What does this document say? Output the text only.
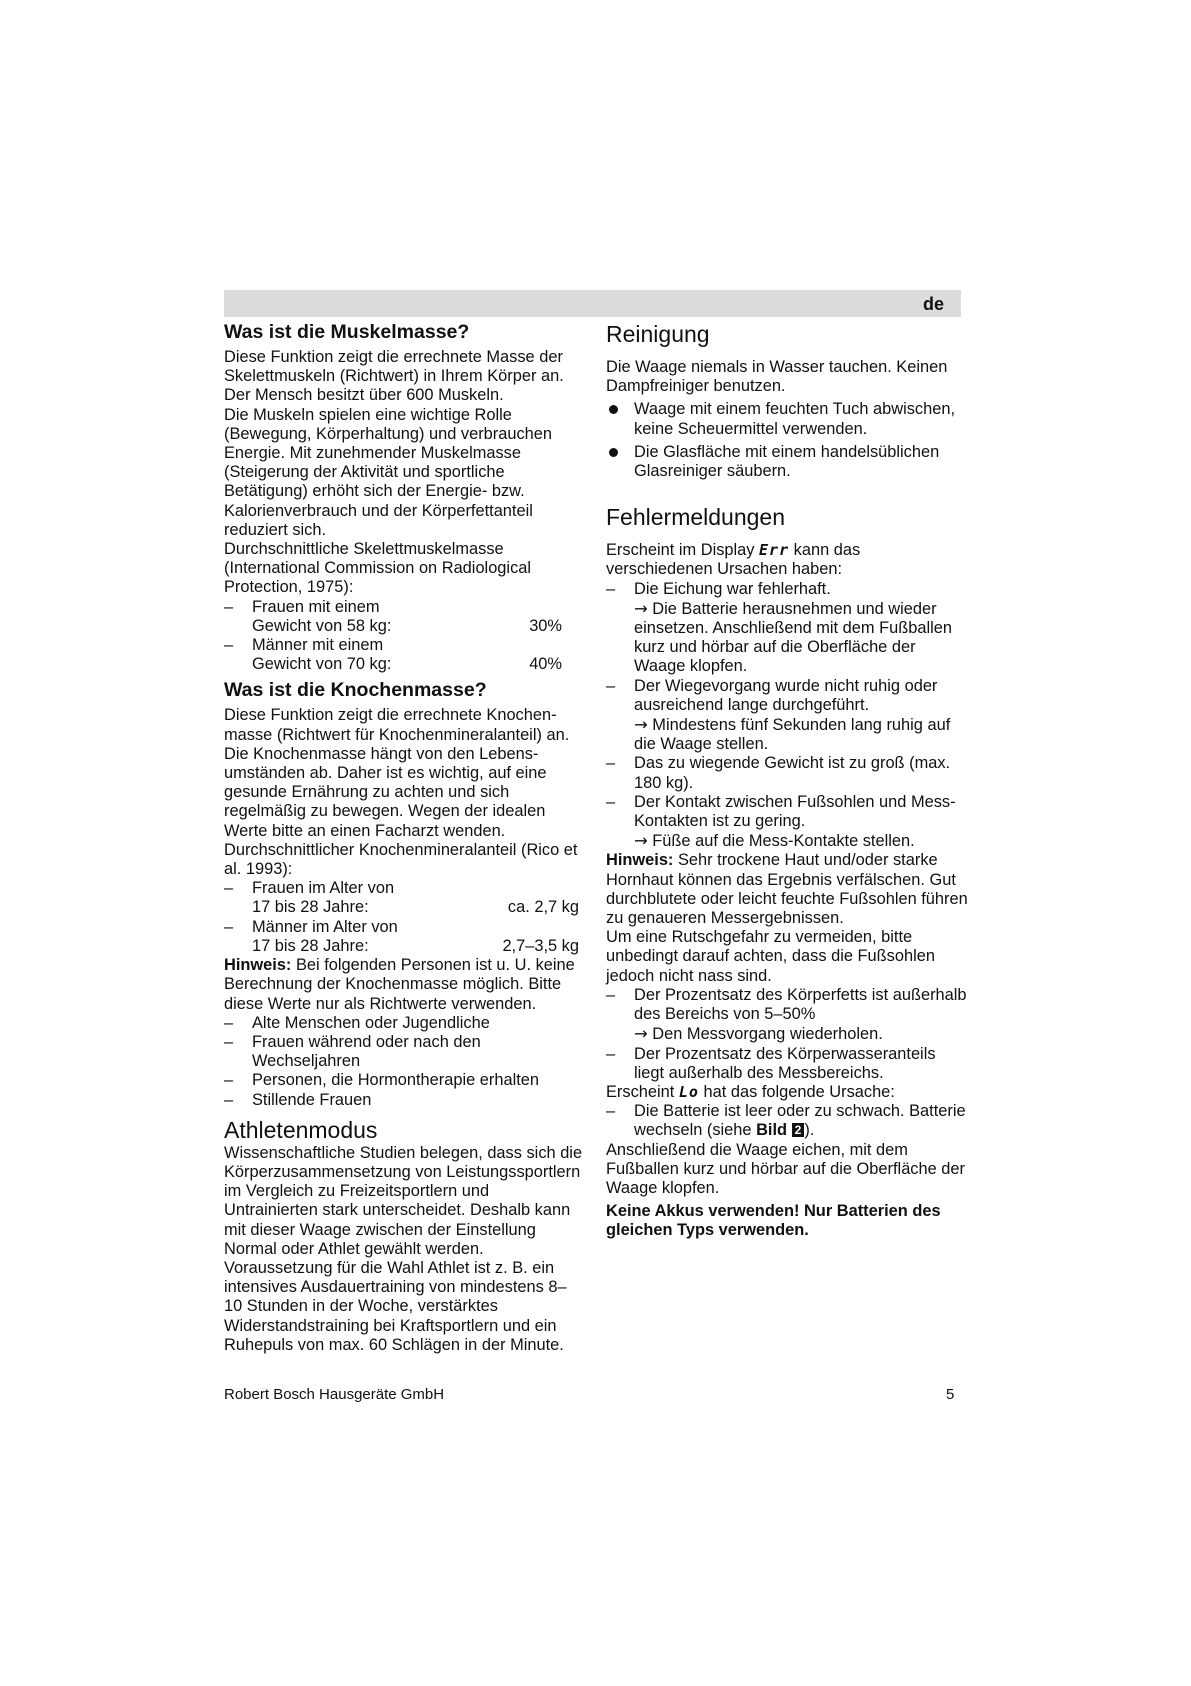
de
Was ist die Muskelmasse?

Diese Funktion zeigt die errechnete Masse der Skelettmuskeln (Richtwert) in Ihrem Körper an. Der Mensch besitzt über 600 Muskeln.

Die Muskeln spielen eine wichtige Rolle (Bewegung, Körperhaltung) und verbrauchen Energie. Mit zunehmender Muskelmasse (Steigerung der Aktivität und sportliche Betätigung) erhöht sich der Energie- bzw. Kalorienverbrauch und der Körperfettanteil reduziert sich.

Durchschnittliche Skelettmuskelmasse (International Commission on Radiological Protection, 1975):

– Frauen mit einem
Gewicht von 58 kg:	30%
– Männer mit einem
Gewicht von 70 kg:	40%
Was ist die Knochenmasse?

Diese Funktion zeigt die errechnete Knochenmasse (Richtwert für Knochenmineralanteil) an. Die Knochenmasse hängt von den Lebensumständen ab. Daher ist es wichtig, auf eine gesunde Ernährung zu achten und sich regelmäßig zu bewegen. Wegen der idealen Werte bitte an einen Facharzt wenden.

Durchschnittlicher Knochenmineralanteil (Rico et al. 1993):

– Frauen im Alter von
17 bis 28 Jahre:	ca. 2,7 kg
– Männer im Alter von
17 bis 28 Jahre:	2,7–3,5 kg

Hinweis: Bei folgenden Personen ist u. U. keine Berechnung der Knochenmasse möglich. Bitte diese Werte nur als Richtwerte verwenden.

– Alte Menschen oder Jugendliche
– Frauen während oder nach den Wechseljahren
– Personen, die Hormontherapie erhalten
– Stillende Frauen
Athletenmodus

Wissenschaftliche Studien belegen, dass sich die Körperzusammensetzung von Leistungssportlern im Vergleich zu Freizeitsportlern und Untrainierten stark unterscheidet. Deshalb kann mit dieser Waage zwischen der Einstellung Normal oder Athlet gewählt werden. Voraussetzung für die Wahl Athlet ist z. B. ein intensives Ausdauertraining von mindestens 8–10 Stunden in der Woche, verstärktes Widerstandstraining bei Kraftsportlern und ein Ruhepuls von max. 60 Schlägen in der Minute.

Reinigung

Die Waage niemals in Wasser tauchen. Keinen Dampfreiniger benutzen.

Waage mit einem feuchten Tuch abwischen, keine Scheuermittel verwenden.
Die Glasfläche mit einem handelsüblichen Glasreiniger säubern.
Fehlermeldungen

Erscheint im Display Err kann das verschiedenen Ursachen haben:

– Die Eichung war fehlerhaft.
→ Die Batterie herausnehmen und wieder einsetzen. Anschließend mit dem Fußballen kurz und hörbar auf die Oberfläche der Waage klopfen.
– Der Wiegevorgang wurde nicht ruhig oder ausreichend lange durchgeführt.
→ Mindestens fünf Sekunden lang ruhig auf die Waage stellen.
– Das zu wiegende Gewicht ist zu groß (max. 180 kg).
– Der Kontakt zwischen Fußsohlen und MessKontakten ist zu gering.
→ Füße auf die Mess-Kontakte stellen.

Hinweis: Sehr trockene Haut und/oder starke Hornhaut können das Ergebnis verfälschen. Gut durchblutete oder leicht feuchte Fußsohlen führen zu genaueren Messergebnissen.

Um eine Rutschgefahr zu vermeiden, bitte unbedingt darauf achten, dass die Fußsohlen jedoch nicht nass sind.

– Der Prozentsatz des Körperfetts ist außerhalb des Bereichs von 5–50%
→ Den Messvorgang wiederholen.
– Der Prozentsatz des Körperwasseranteils liegt außerhalb des Messbereichs.

Erscheint Lo hat das folgende Ursache:

– Die Batterie ist leer oder zu schwach. Batterie wechseln (siehe Bild 2 ).

Anschließend die Waage eichen, mit dem Fußballen kurz und hörbar auf die Oberfläche der Waage klopfen.

Keine Akkus verwenden! Nur Batterien des gleichen Typs verwenden.

Robert Bosch Hausgeräte GmbH	5
